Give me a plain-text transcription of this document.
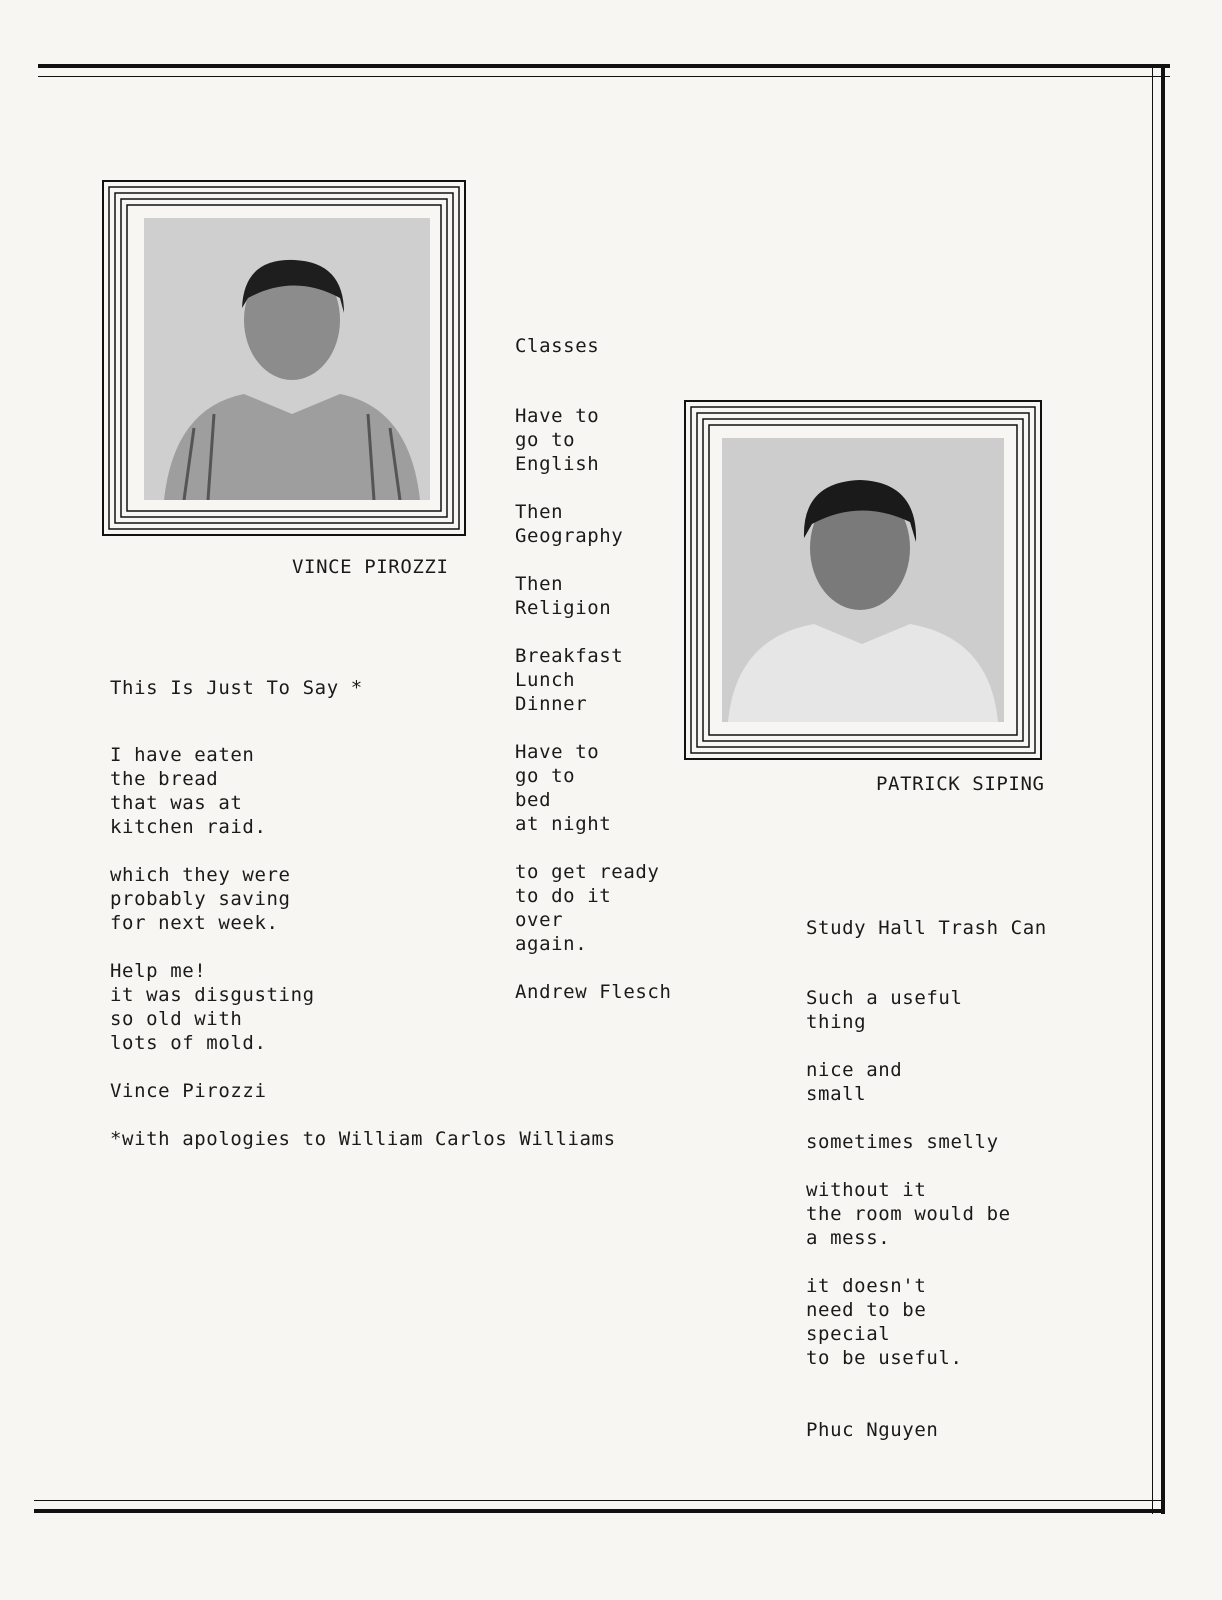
VINCE PIROZZI
PATRICK SIPING
This Is Just To Say *
I have eaten
the bread
that was at
kitchen raid.
which they were
probably saving
for next week.
Help me!
it was disgusting
so old with
lots of mold.
Vince Pirozzi
*with apologies to William Carlos Williams
Classes
Have to
go to
English
Then
Geography
Then
Religion
Breakfast
Lunch
Dinner
Have to
go to
bed
at night
to get ready
to do it
over
again.
Andrew Flesch
Study Hall Trash Can
Such a useful
thing
nice and
small
sometimes smelly
without it
the room would be
a mess.
it doesn't
need to be
special
to be useful.
Phuc Nguyen
